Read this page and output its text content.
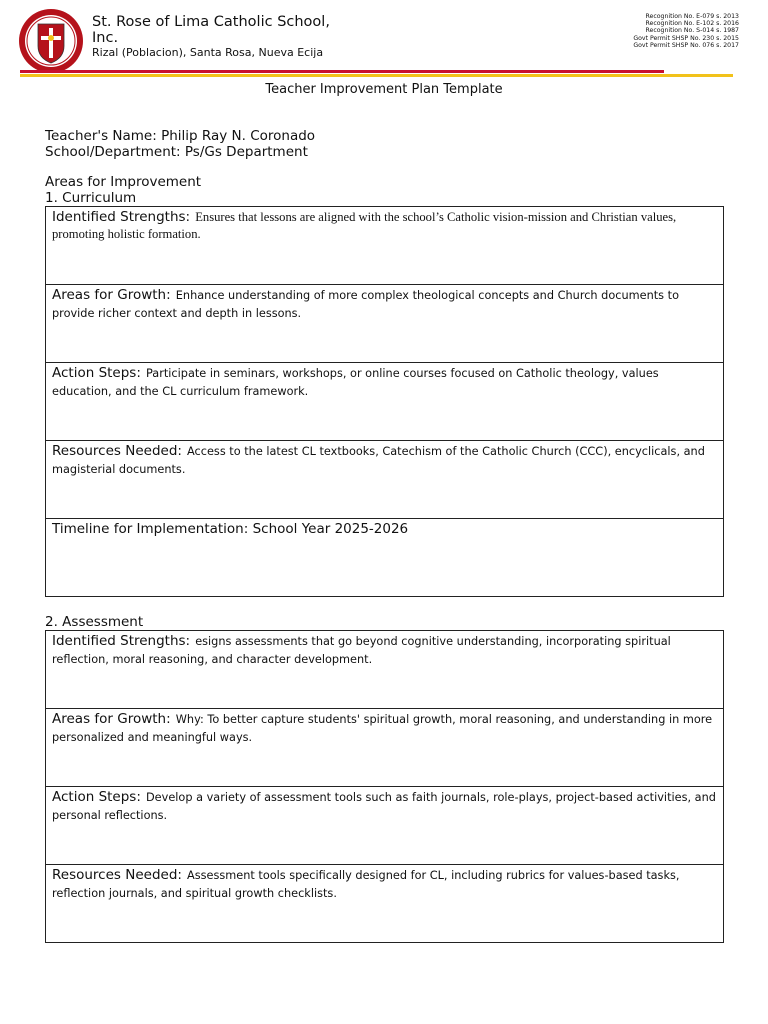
St. Rose of Lima Catholic School, Inc.
Rizal (Poblacion), Santa Rosa, Nueva Ecija
Recognition No. E-079 s. 2013
Recognition No. E-102 s. 2016
Recognition No. S-014 s. 1987
Govt Permit SHSP No. 230 s. 2015
Govt Permit SHSP No. 076 s. 2017
Teacher Improvement Plan Template
Teacher's Name: Philip Ray N. Coronado
School/Department: Ps/Gs Department
Areas for Improvement
1. Curriculum

Identified Strengths: Ensures that lessons are aligned with the school’s Catholic vision-mission and Christian values, promoting holistic formation.

Areas for Growth: Enhance understanding of more complex theological concepts and Church documents to provide richer context and depth in lessons.

Action Steps: Participate in seminars, workshops, or online courses focused on Catholic theology, values education, and the CL curriculum framework.

Resources Needed: Access to the latest CL textbooks, Catechism of the Catholic Church (CCC), encyclicals, and magisterial documents.

Timeline for Implementation: School Year 2025-2026

2. Assessment

Identified Strengths: esigns assessments that go beyond cognitive understanding, incorporating spiritual reflection, moral reasoning, and character development.

Areas for Growth: Why: To better capture students' spiritual growth, moral reasoning, and understanding in more personalized and meaningful ways.

Action Steps: Develop a variety of assessment tools such as faith journals, role-plays, project-based activities, and personal reflections.

Resources Needed: Assessment tools specifically designed for CL, including rubrics for values-based tasks, reflection journals, and spiritual growth checklists.
